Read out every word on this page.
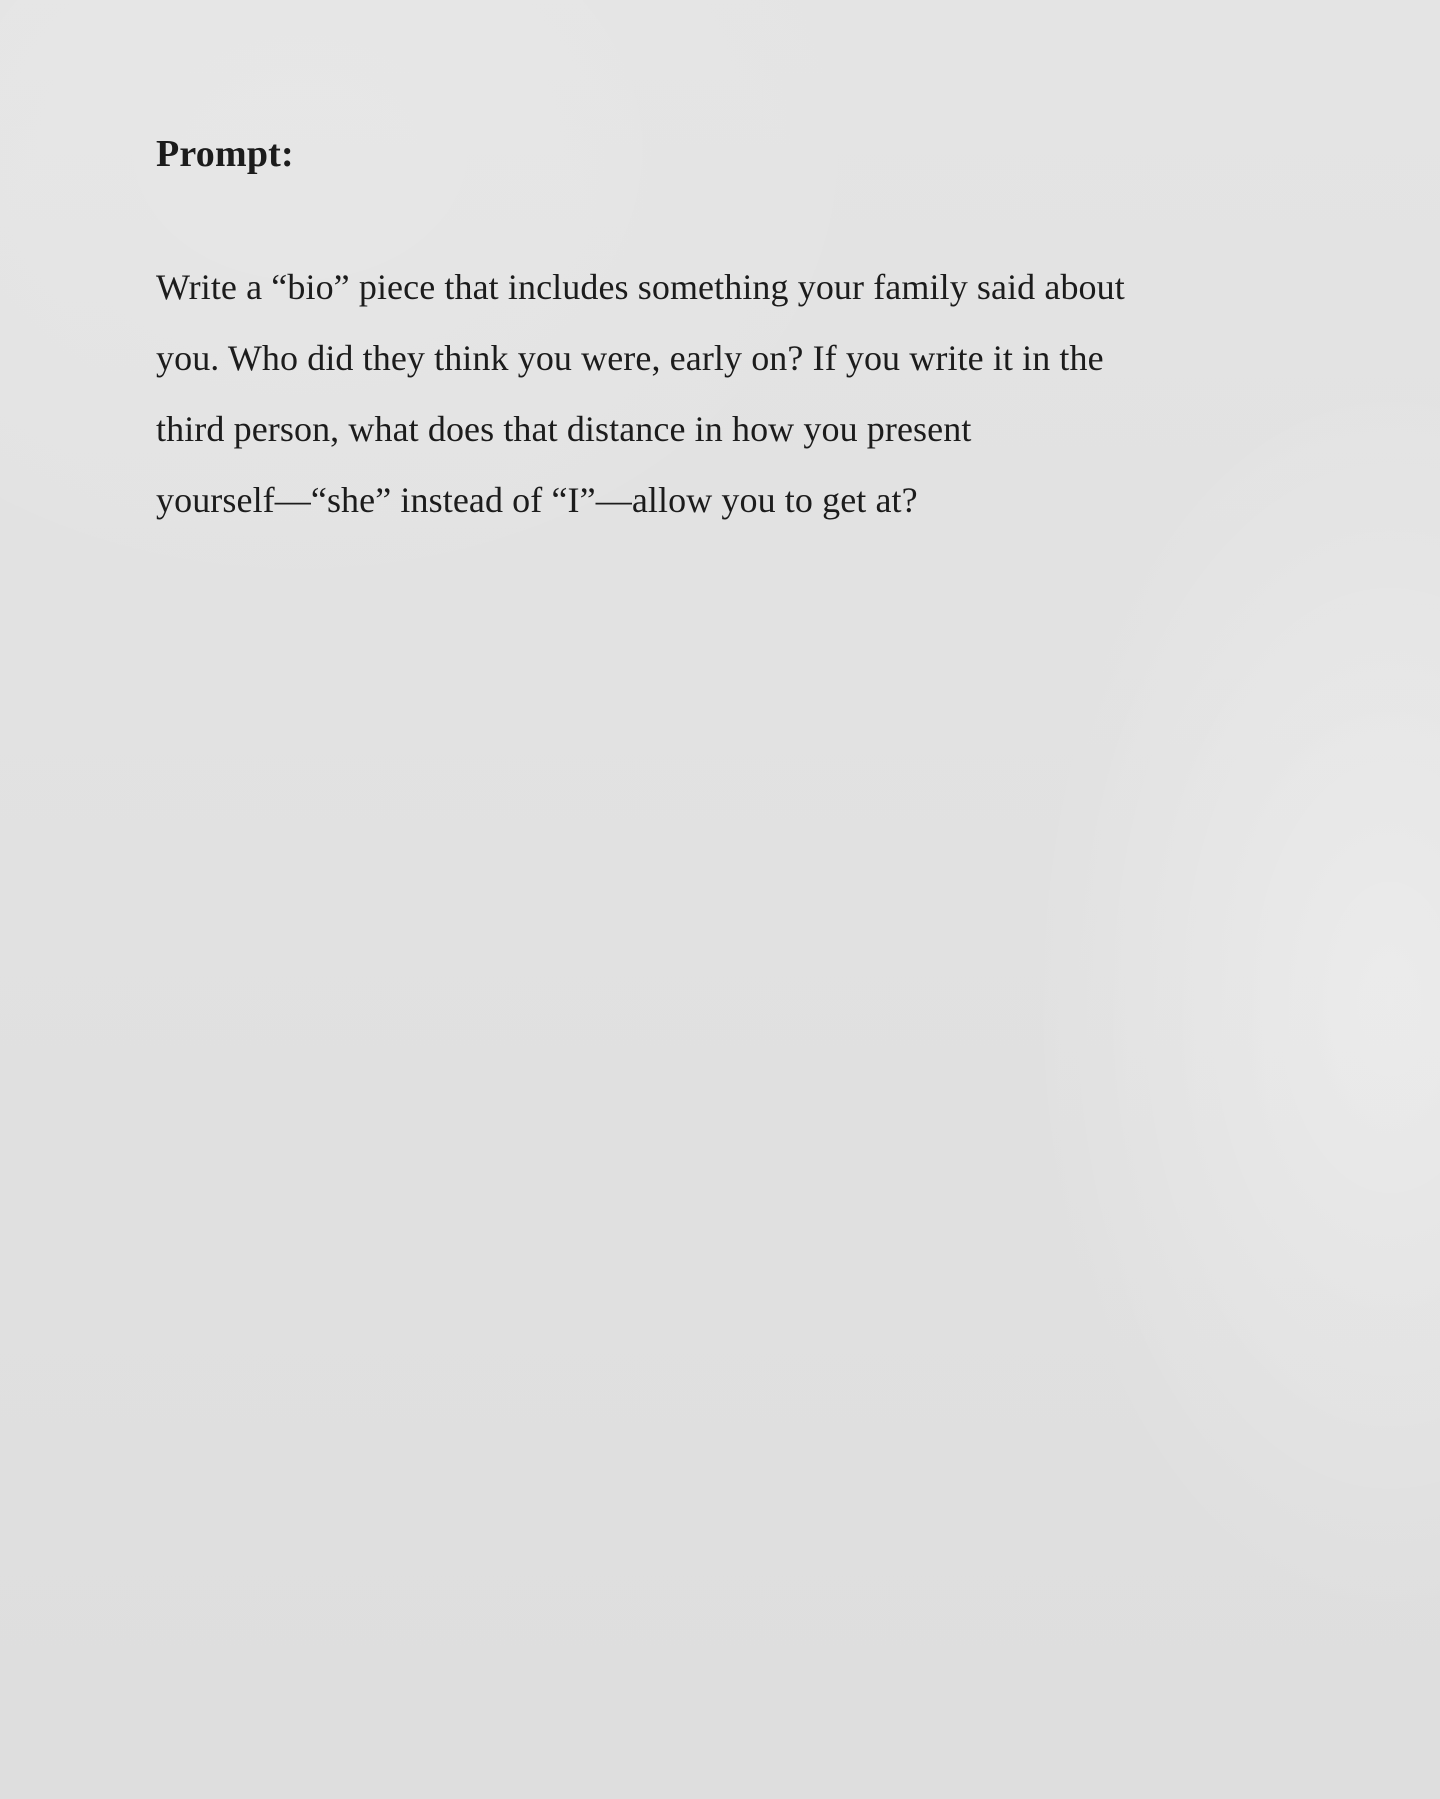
Prompt:

Write a “bio” piece that includes something your family said about
you. Who did they think you were, early on? If you write it in the
third person, what does that distance in how you present
yourself—“she” instead of “I”—allow you to get at?
